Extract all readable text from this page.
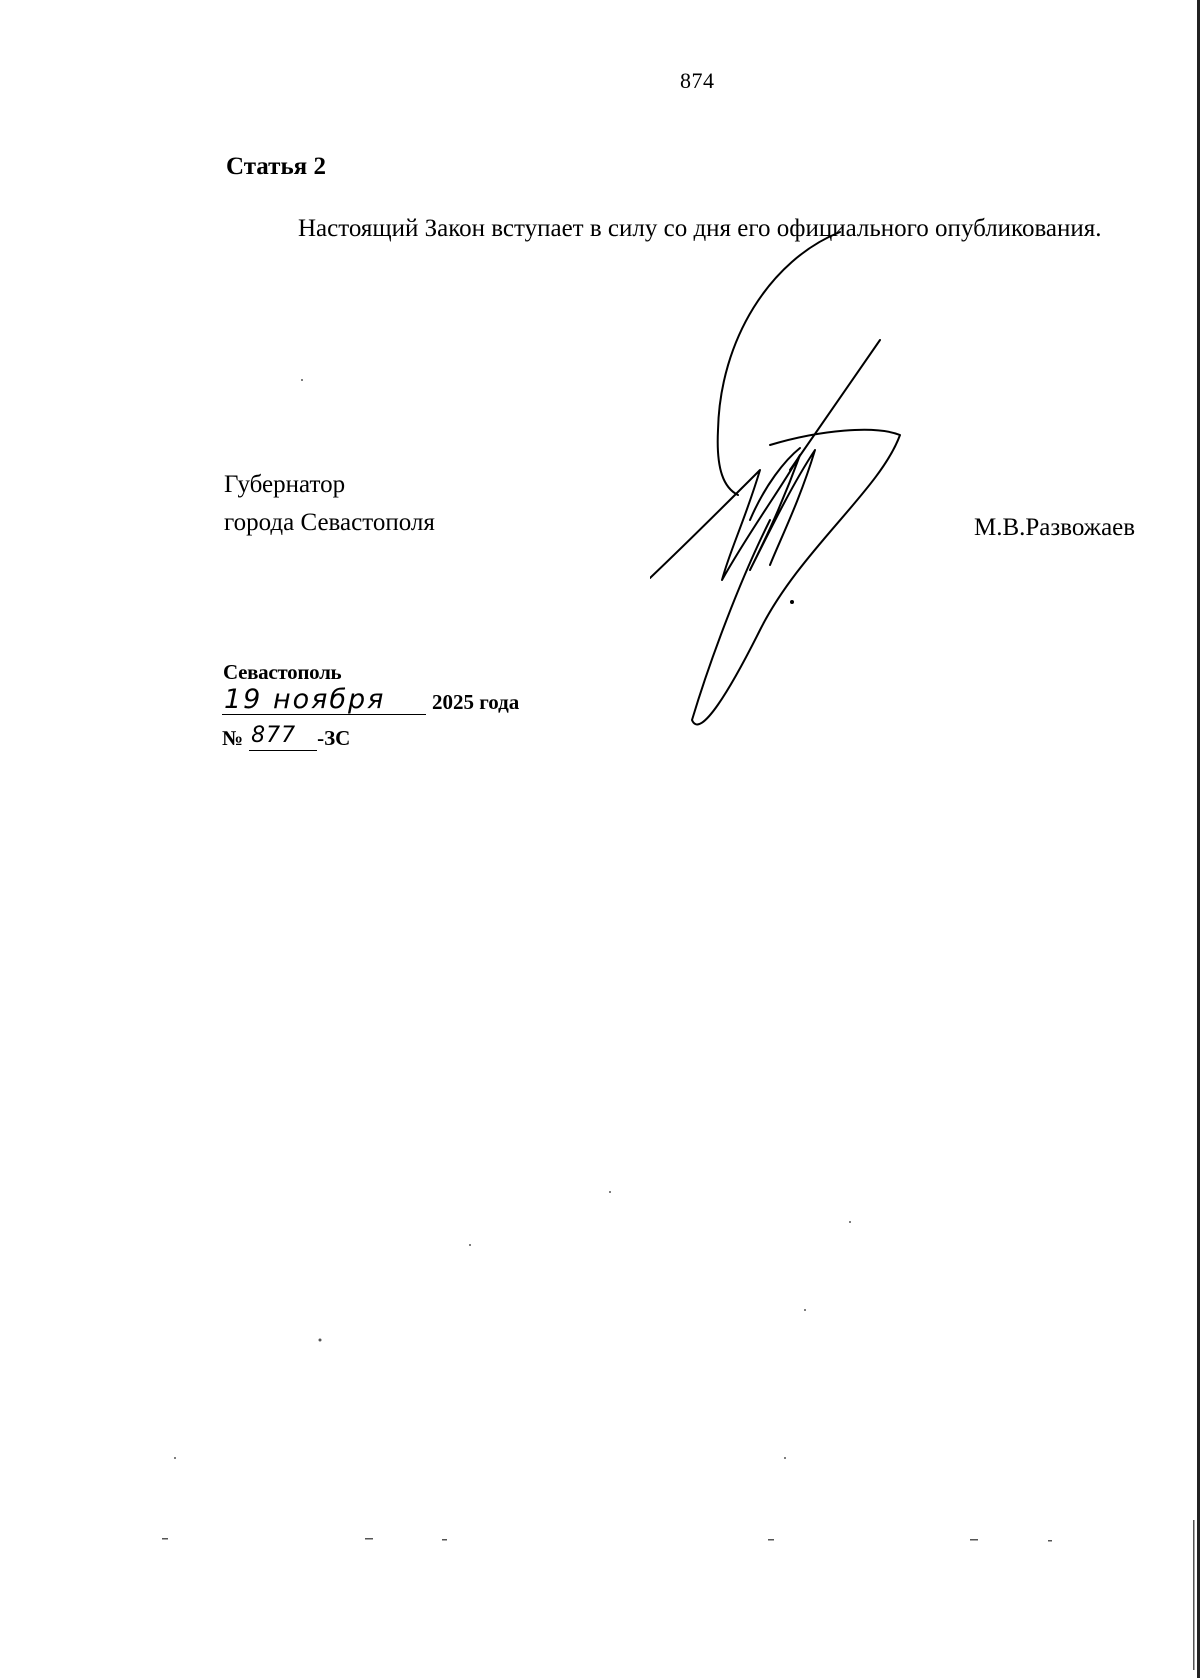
874
Статья 2
Настоящий Закон вступает в силу со дня его официального опубликования.
Губернатор
города Севастополя	М.В.Развожаев
Севастополь
19 ноября	2025 года
№ 877	-ЗС
